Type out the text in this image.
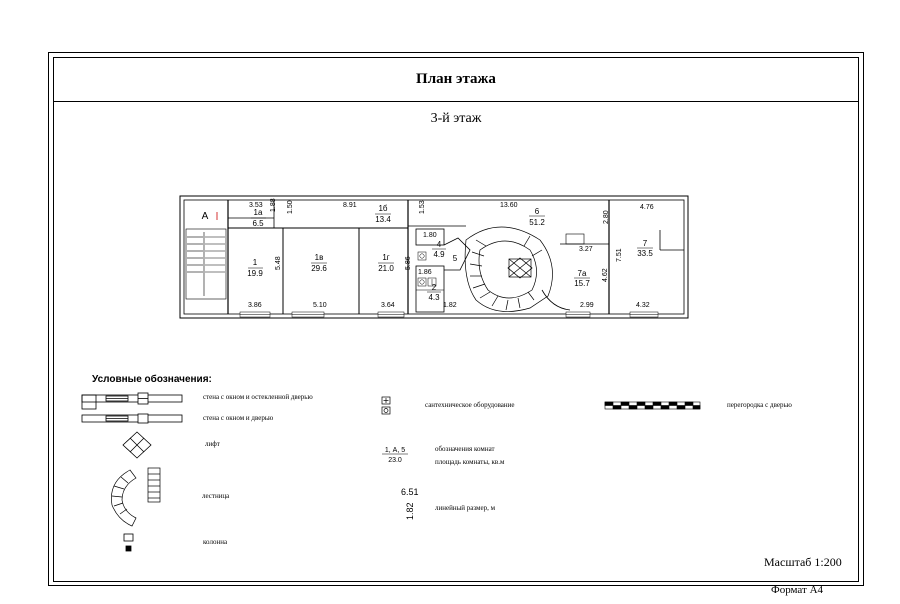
План этажа
3-й этаж
3.53	8.91	13.60	4.76
1.88 1.50	1.53
2.80
5.48	5.86
1.80
3.27	7.51
4.62
1.86
3.86	5.10	3.64	1.82	2.99	4.32
А	1а
6.5
1
19.9
1в
29.6
1г
21.0
1б
13.4
2
4.3
4
4.9 5
6
51.2
7а
15.7
7
33.5
Условные обозначения:
стена с окном и остекленной дверью
стена с окном и дверью
лифт
лестница
колонна
сантехническое оборудование
1, А, 5
23.0
обозначения комнат
площадь комнаты, кв.м
6.51
1.82	линейный размер, м
перегородка с дверью
Масштаб 1:200
Формат А4
